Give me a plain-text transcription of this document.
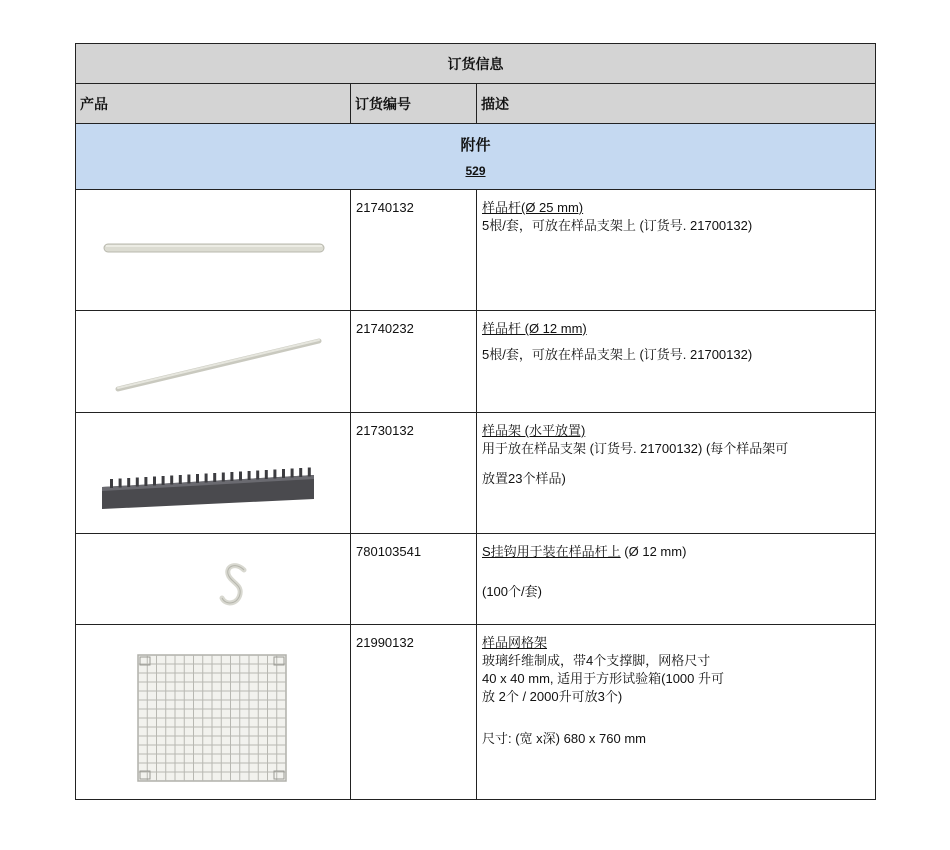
订货信息
产品	订货编号	描述
附件
529
21740132	样品杆(Ø 25 mm)
5根/套，可放在样品支架上 (订货号. 21700132)
21740232	样品杆 (Ø 12 mm)
5根/套，可放在样品支架上 (订货号. 21700132)
21730132	样品架 (水平放置)
用于放在样品支架 (订货号. 21700132) (每个样品架可
放置23个样品)
780103541	S挂钩用于装在样品杆上 (Ø 12 mm)
(100个/套)
21990132	样品网格架
玻璃纤维制成，带4个支撑脚，网格尺寸
40 x 40 mm, 适用于方形试验箱(1000 升可
放 2个 / 2000升可放3个)
尺寸: (宽 x深) 680 x 760 mm
